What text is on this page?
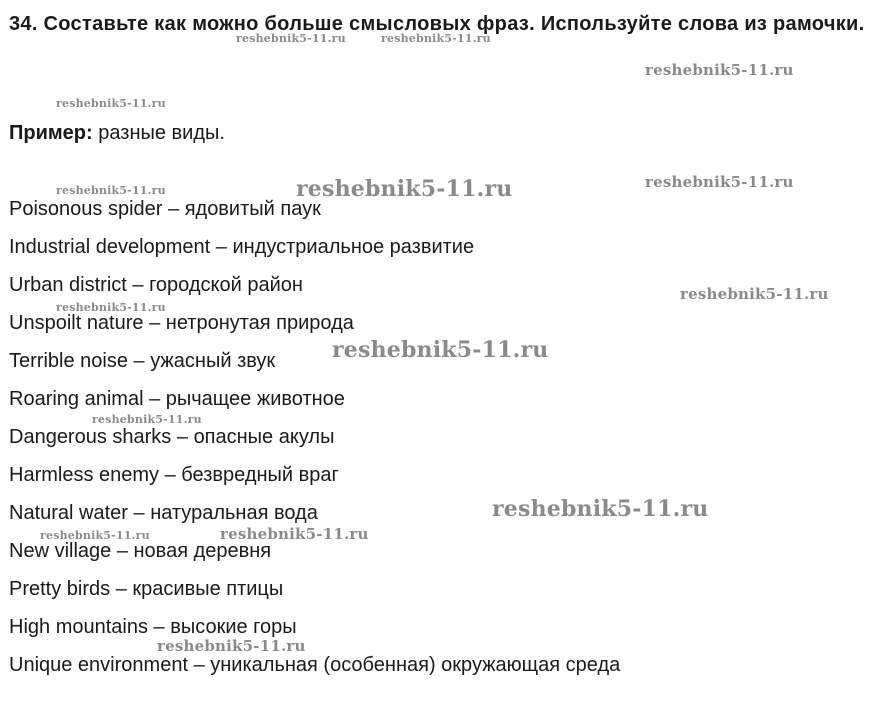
34. Составьте как можно больше смысловых фраз. Используйте слова из рамочки.
Пример: разные виды.
Poisonous spider – ядовитый паук
Industrial development – индустриальное развитие
Urban district – городской район
Unspoilt nature – нетронутая природа
Terrible noise – ужасный звук
Roaring animal – рычащее животное
Dangerous sharks – опасные акулы
Harmless enemy – безвредный враг
Natural water – натуральная вода
New village – новая деревня
Pretty birds – красивые птицы
High mountains – высокие горы
Unique environment – уникальная (особенная) окружающая среда
reshebnik5-11.ru	reshebnik5-11.ru
reshebnik5-11.ru
reshebnik5-11.ru
reshebnik5-11.ru	reshebnik5-11.ru	reshebnik5-11.ru
reshebnik5-11.ru
reshebnik5-11.ru
reshebnik5-11.ru
reshebnik5-11.ru
reshebnik5-11.ru
reshebnik5-11.ru	reshebnik5-11.ru
reshebnik5-11.ru
